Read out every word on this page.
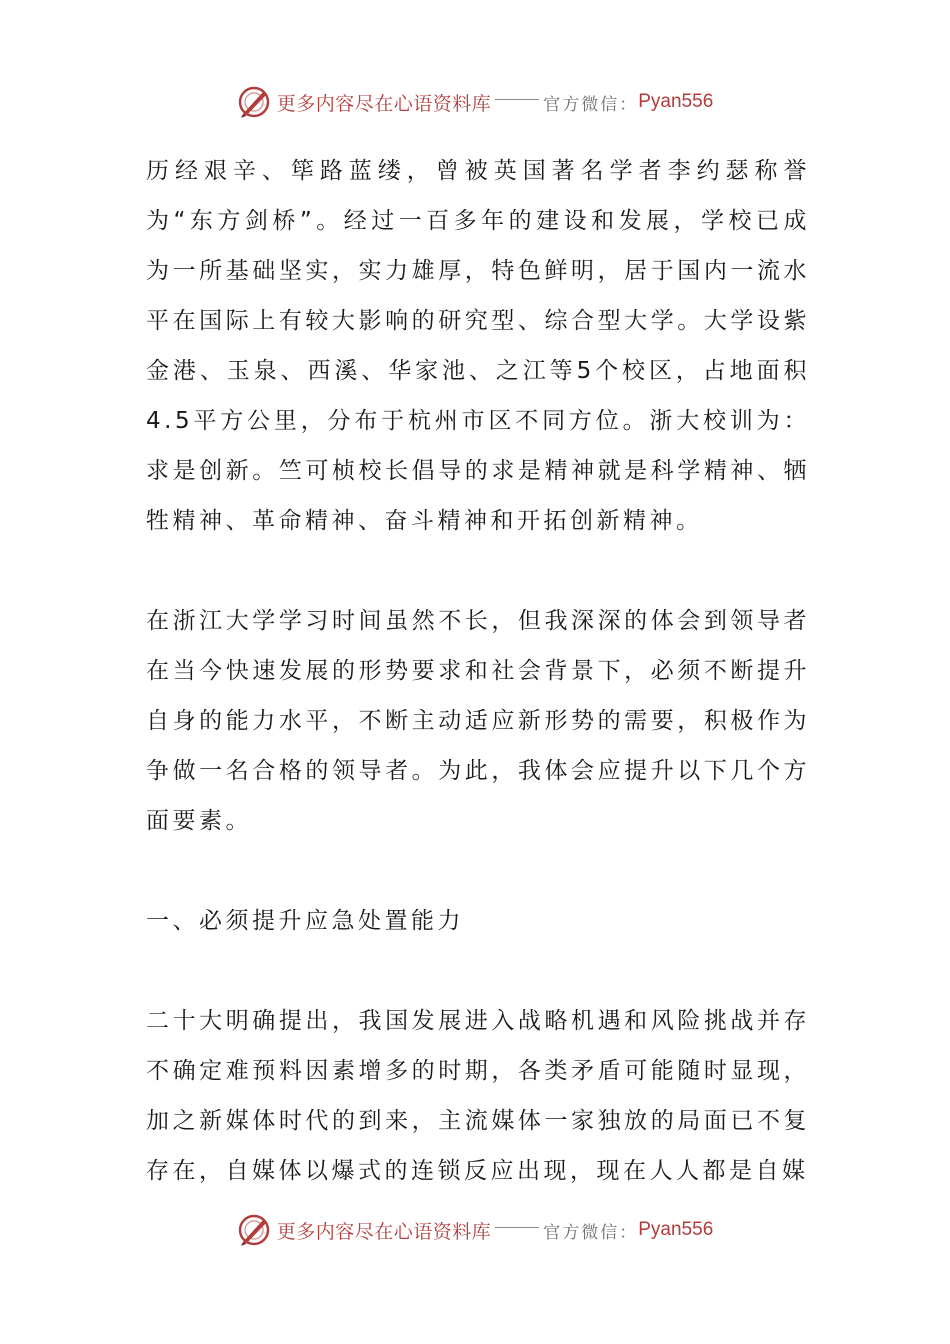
更多内容尽在心语资料库	官方微信： Pyan556

历经艰辛、筚路蓝缕，曾被英国著名学者李约瑟称誉为“东方剑桥”。经过一百多年的建设和发展，学校已成为一所基础坚实，实力雄厚，特色鲜明，居于国内一流水平在国际上有较大影响的研究型、综合型大学。大学设紫金港、玉泉、西溪、华家池、之江等5个校区，占地面积4.5平方公里，分布于杭州市区不同方位。浙大校训为：求是创新。竺可桢校长倡导的求是精神就是科学精神、牺牲精神、革命精神、奋斗精神和开拓创新精神。

在浙江大学学习时间虽然不长，但我深深的体会到领导者在当今快速发展的形势要求和社会背景下，必须不断提升自身的能力水平，不断主动适应新形势的需要，积极作为争做一名合格的领导者。为此，我体会应提升以下几个方面要素。

一、必须提升应急处置能力

二十大明确提出，我国发展进入战略机遇和风险挑战并存不确定难预料因素增多的时期，各类矛盾可能随时显现，加之新媒体时代的到来，主流媒体一家独放的局面已不复存在，自媒体以爆式的连锁反应出现，现在人人都是自媒

更多内容尽在心语资料库	官方微信： Pyan556
